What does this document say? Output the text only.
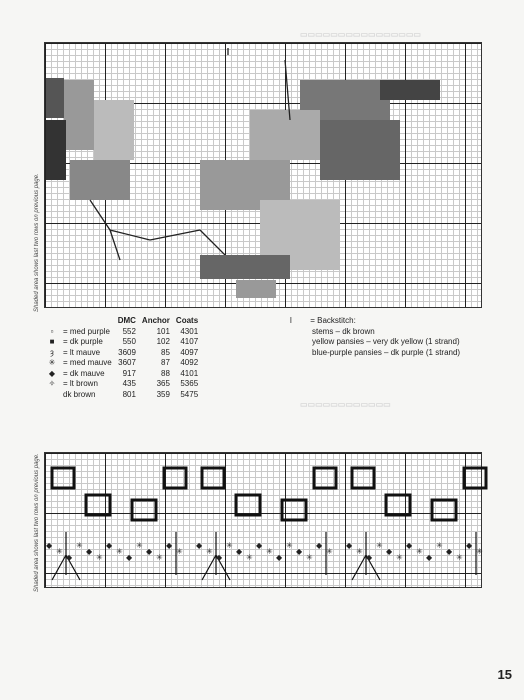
▭▭▭▭▭▭▭▭▭▭▭▭▭▭▭▭
▭▭▭▭▭▭▭▭▭▭▭▭
Shaded area shows last two rows on previous page.
Shaded area shows last two rows on previous page. ◆
✳
◆
✳
◆
✳
◆
✳
◆
✳
◆
✳
◆
✳
◆
✳
◆
✳
◆
✳
◆
✳
◆
✳
◆
✳
◆
✳
◆
✳
◆
✳
◆
✳
◆
✳
◆
✳
◆
✳
◆
✳
		DMC	Anchor	Coats
▫	= med purple	552	101	4301
■	= dk purple	550	102	4107
ȝ	= lt mauve	3609	85	4097
✳	= med mauve	3607	87	4092
◆	= dk mauve	917	88	4101
✧	= lt brown	435	365	5365
	dk brown	801	359	5475
l = Backstitch:
stems – dk brown
yellow pansies – very dk yellow (1 strand)
blue-purple pansies – dk purple (1 strand)
15
